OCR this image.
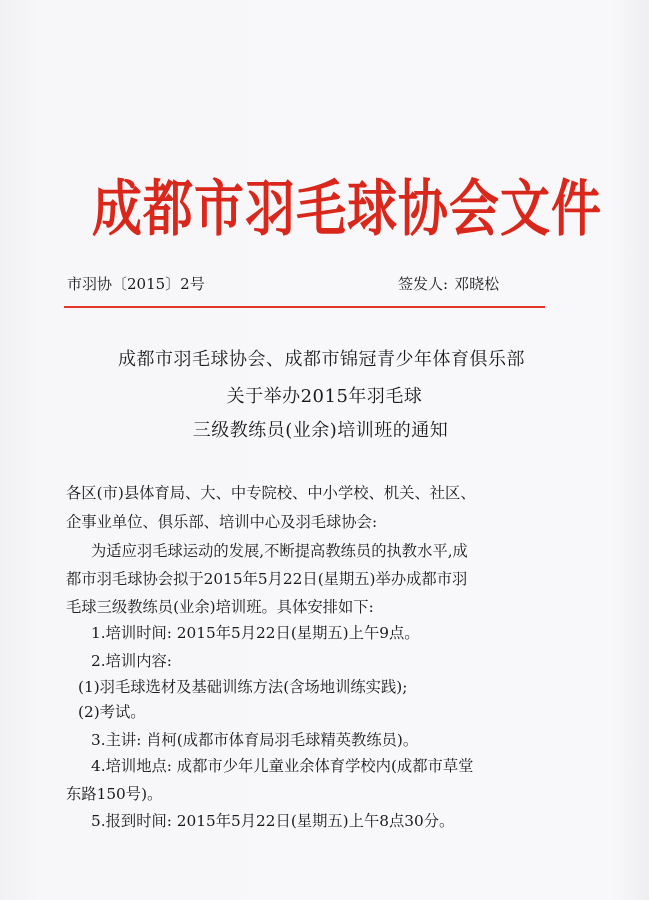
成都市羽毛球协会文件
市羽协〔2015〕2号	签发人: 邓晓松
成都市羽毛球协会、成都市锦冠青少年体育俱乐部
关于举办2015年羽毛球
三级教练员(业余)培训班的通知
各区(市)县体育局、大、中专院校、中小学校、机关、社区、
企事业单位、俱乐部、培训中心及羽毛球协会:
为适应羽毛球运动的发展,不断提高教练员的执教水平,成
都市羽毛球协会拟于2015年5月22日(星期五)举办成都市羽
毛球三级教练员(业余)培训班。具体安排如下:
1.培训时间: 2015年5月22日(星期五)上午9点。
2.培训内容:
(1)羽毛球选材及基础训练方法(含场地训练实践);
(2)考试。
3.主讲: 肖柯(成都市体育局羽毛球精英教练员)。
4.培训地点: 成都市少年儿童业余体育学校内(成都市草堂
东路150号)。
5.报到时间: 2015年5月22日(星期五)上午8点30分。
